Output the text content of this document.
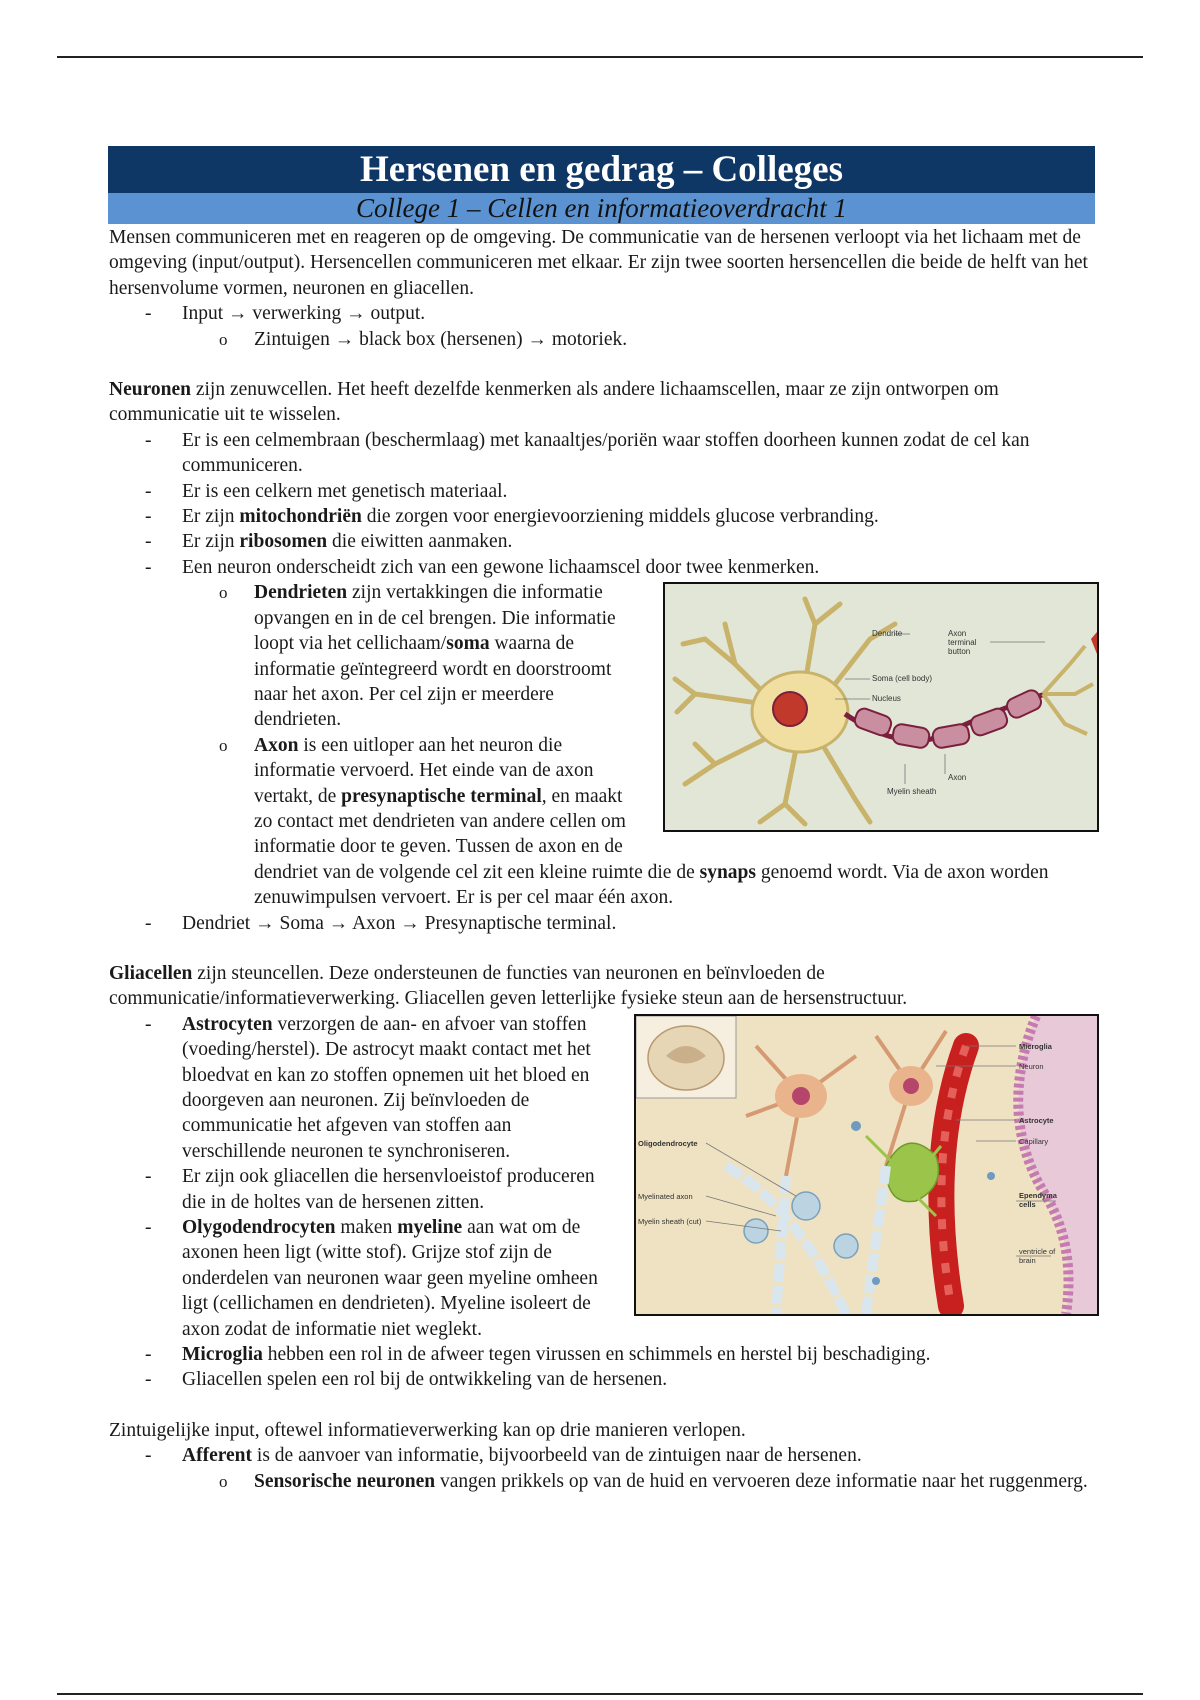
Hersenen en gedrag – Colleges
College 1 – Cellen en informatieoverdracht 1

Mensen communiceren met en reageren op de omgeving. De communicatie van de hersenen verloopt via het lichaam met de omgeving (input/output). Hersencellen communiceren met elkaar. Er zijn twee soorten hersencellen die beide de helft van het hersenvolume vormen, neuronen en gliacellen.

- Input → verwerking → output.
o Zintuigen → black box (hersenen) → motoriek.

Neuronen zijn zenuwcellen. Het heeft dezelfde kenmerken als andere lichaamscellen, maar ze zijn ontworpen om communicatie uit te wisselen.

- Er is een celmembraan (beschermlaag) met kanaaltjes/poriën waar stoffen doorheen kunnen zodat de cel kan communiceren.
- Er is een celkern met genetisch materiaal.
- Er zijn mitochondriën die zorgen voor energievoorziening middels glucose verbranding.
- Er zijn ribosomen die eiwitten aanmaken.
- Een neuron onderscheidt zich van een gewone lichaamscel door twee kenmerken.
Dendrite	Axon
terminal
button
Soma (cell body)
Nucleus
Axon
Myelin sheath
o Dendrieten zijn vertakkingen die informatie opvangen en in de cel brengen. Die informatie loopt via het cellichaam/soma waarna de informatie geïntegreerd wordt en doorstroomt naar het axon. Per cel zijn er meerdere dendrieten.
o Axon is een uitloper aan het neuron die informatie vervoerd. Het einde van de axon vertakt, de presynaptische terminal, en maakt zo contact met dendrieten van andere cellen om informatie door te geven. Tussen de axon en de dendriet van de volgende cel zit een kleine ruimte die de synaps genoemd wordt. Via de axon worden zenuwimpulsen vervoert. Er is per cel maar één axon.
- Dendriet → Soma → Axon → Presynaptische terminal.

Gliacellen zijn steuncellen. Deze ondersteunen de functies van neuronen en beïnvloeden de communicatie/informatieverwerking. Gliacellen geven letterlijke fysieke steun aan de hersenstructuur.

Microglia
Neuron
Astrocyte
Capillary
Oligodendrocyte
Myelinated axon
Myelin sheath (cut)
Ependyma
cells
ventricle of
brain
- Astrocyten verzorgen de aan- en afvoer van stoffen (voeding/herstel). De astrocyt maakt contact met het bloedvat en kan zo stoffen opnemen uit het bloed en doorgeven aan neuronen. Zij beïnvloeden de communicatie het afgeven van stoffen aan verschillende neuronen te synchroniseren.
- Er zijn ook gliacellen die hersenvloeistof produceren die in de holtes van de hersenen zitten.
- Olygodendrocyten maken myeline aan wat om de axonen heen ligt (witte stof). Grijze stof zijn de onderdelen van neuronen waar geen myeline omheen ligt (cellichamen en dendrieten). Myeline isoleert de axon zodat de informatie niet weglekt.
- Microglia hebben een rol in de afweer tegen virussen en schimmels en herstel bij beschadiging.
- Gliacellen spelen een rol bij de ontwikkeling van de hersenen.

Zintuigelijke input, oftewel informatieverwerking kan op drie manieren verlopen.

- Afferent is de aanvoer van informatie, bijvoorbeeld van de zintuigen naar de hersenen.
o Sensorische neuronen vangen prikkels op van de huid en vervoeren deze informatie naar het ruggenmerg.
